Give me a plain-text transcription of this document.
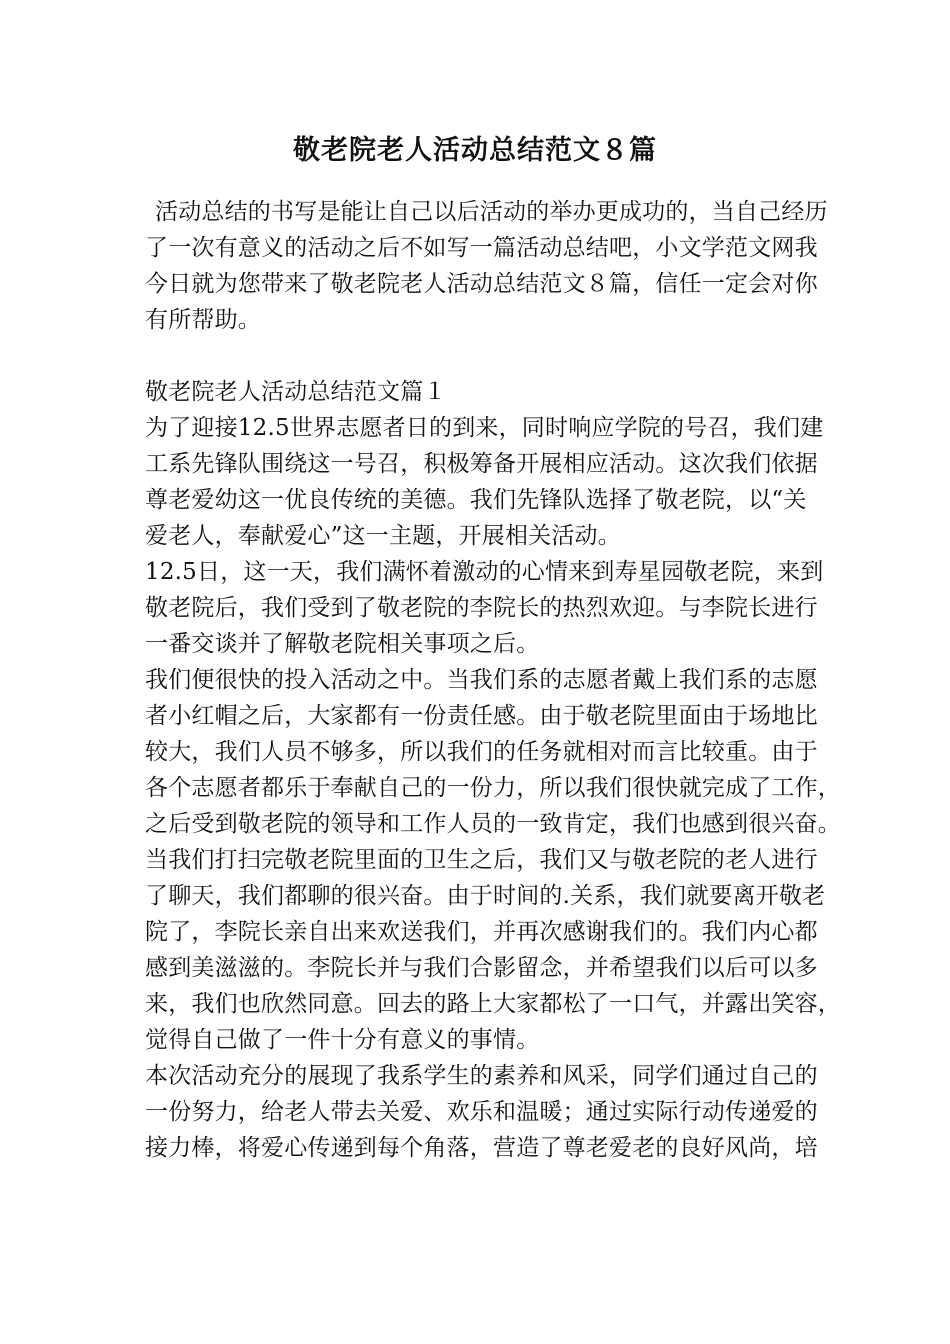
敬老院老人活动总结范文８篇
活动总结的书写是能让自己以后活动的举办更成功的，当自己经历
了一次有意义的活动之后不如写一篇活动总结吧，小文学范文网我
今日就为您带来了敬老院老人活动总结范文８篇，信任一定会对你
有所帮助。
敬老院老人活动总结范文篇１
为了迎接12.5世界志愿者日的到来，同时响应学院的号召，我们建
工系先锋队围绕这一号召，积极筹备开展相应活动。这次我们依据
尊老爱幼这一优良传统的美德。我们先锋队选择了敬老院，以“关
爱老人，奉献爱心”这一主题，开展相关活动。
12.5日，这一天，我们满怀着激动的心情来到寿星园敬老院，来到
敬老院后，我们受到了敬老院的李院长的热烈欢迎。与李院长进行
一番交谈并了解敬老院相关事项之后。
我们便很快的投入活动之中。当我们系的志愿者戴上我们系的志愿
者小红帽之后，大家都有一份责任感。由于敬老院里面由于场地比
较大，我们人员不够多，所以我们的任务就相对而言比较重。由于
各个志愿者都乐于奉献自己的一份力，所以我们很快就完成了工作，
之后受到敬老院的领导和工作人员的一致肯定，我们也感到很兴奋。
当我们打扫完敬老院里面的卫生之后，我们又与敬老院的老人进行
了聊天，我们都聊的很兴奋。由于时间的.关系，我们就要离开敬老
院了，李院长亲自出来欢送我们，并再次感谢我们的。我们内心都
感到美滋滋的。李院长并与我们合影留念，并希望我们以后可以多
来，我们也欣然同意。回去的路上大家都松了一口气，并露出笑容，
觉得自己做了一件十分有意义的事情。
本次活动充分的展现了我系学生的素养和风采，同学们通过自己的
一份努力，给老人带去关爱、欢乐和温暖；通过实际行动传递爱的
接力棒，将爱心传递到每个角落，营造了尊老爱老的良好风尚，培
